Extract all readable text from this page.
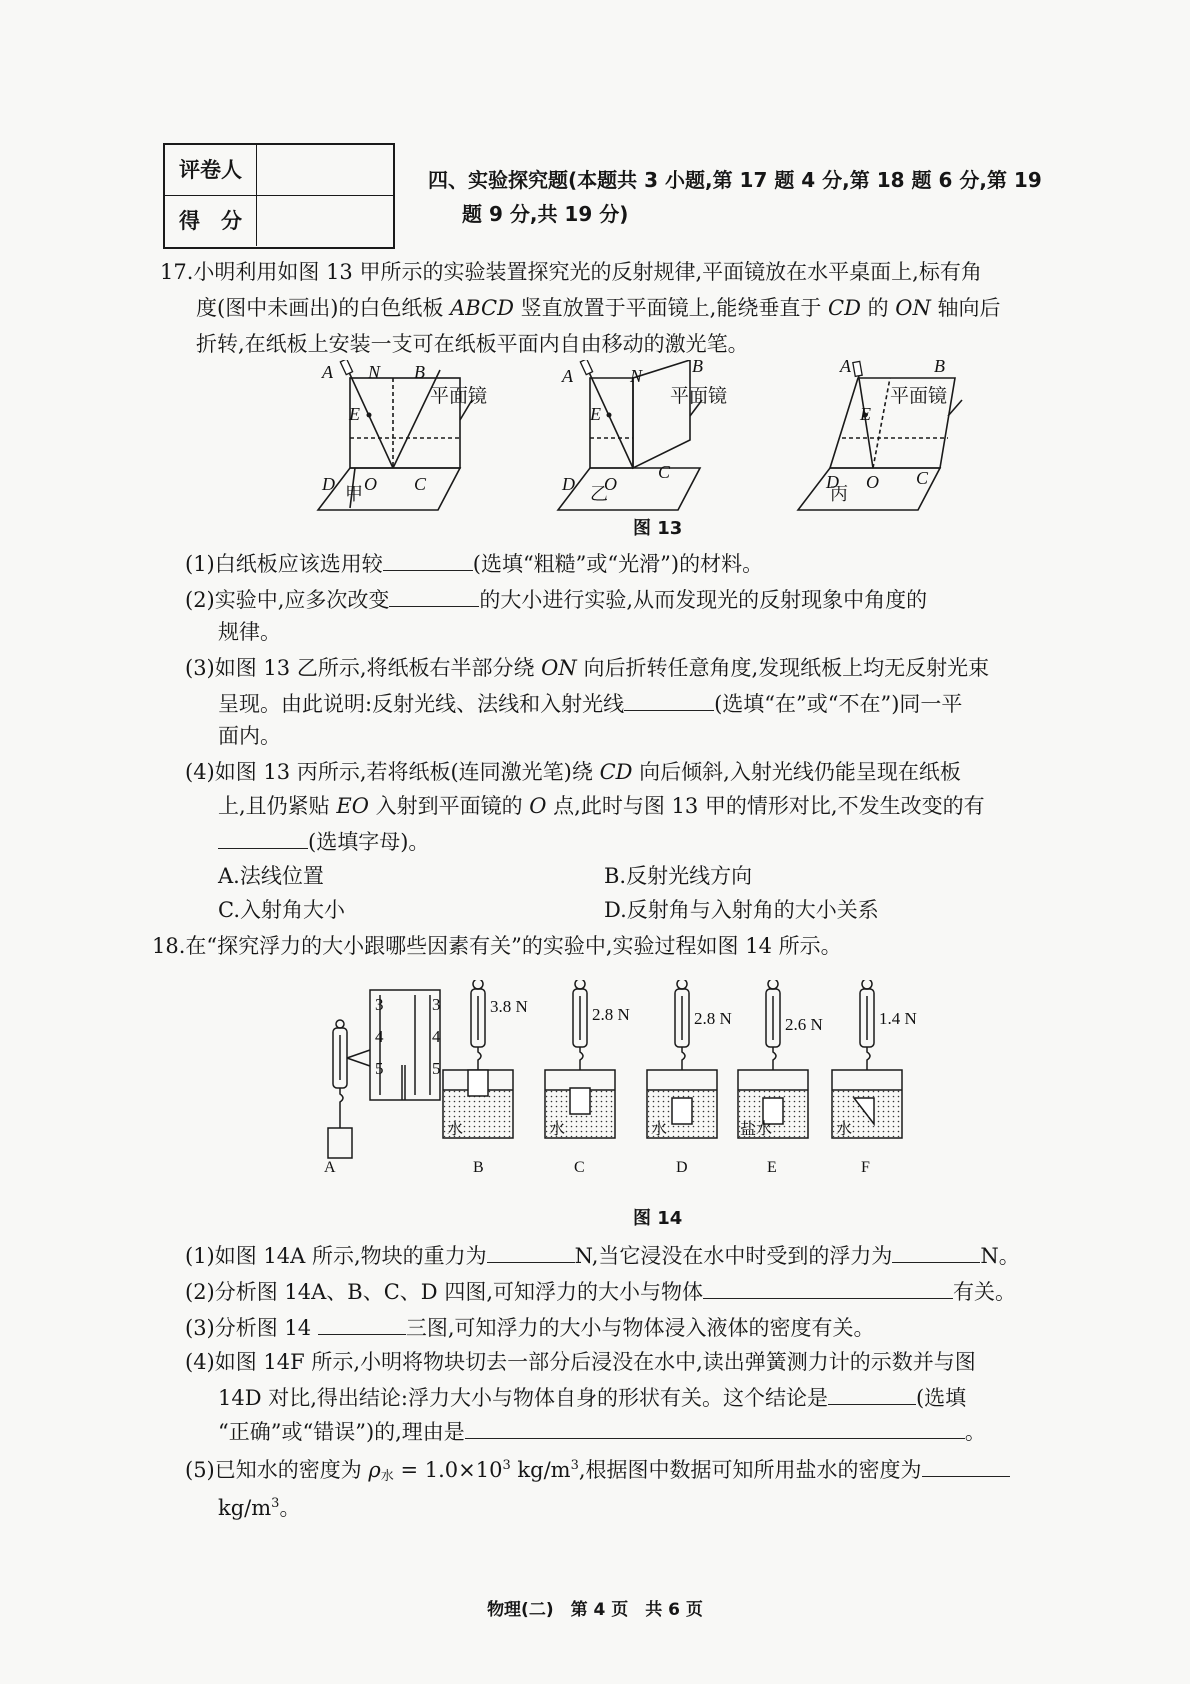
评卷人
得　分
四、实验探究题(本题共 3 小题,第 17 题 4 分,第 18 题 6 分,第 19
题 9 分,共 19 分)
17.小明利用如图 13 甲所示的实验装置探究光的反射规律,平面镜放在水平桌面上,标有角
度(图中未画出)的白色纸板 ABCD 竖直放置于平面镜上,能绕垂直于 CD 的 ON 轴向后
折转,在纸板上安装一支可在纸板平面内自由移动的激光笔。
A N B
E
D O C
A	N	B
E
D O
C
A	B
E
D O C
平面镜	平面镜	平面镜
甲	乙	丙
图 13
(1)白纸板应该选用较	(选填“粗糙”或“光滑”)的材料。
(2)实验中,应多次改变	的大小进行实验,从而发现光的反射现象中角度的
规律。
(3)如图 13 乙所示,将纸板右半部分绕 ON 向后折转任意角度,发现纸板上均无反射光束
呈现。由此说明:反射光线、法线和入射光线	(选填“在”或“不在”)同一平
面内。
(4)如图 13 丙所示,若将纸板(连同激光笔)绕 CD 向后倾斜,入射光线仍能呈现在纸板
上,且仍紧贴 EO 入射到平面镜的 O 点,此时与图 13 甲的情形对比,不发生改变的有
(选填字母)。
A.法线位置	B.反射光线方向
C.入射角大小	D.反射角与入射角的大小关系
18.在“探究浮力的大小跟哪些因素有关”的实验中,实验过程如图 14 所示。
3	3
4	4
5	5
3.8 N	2.8 N	2.8 N	2.6 N	1.4 N
水	水	水	盐水	水
A	B	C	D	E	F
图 14
(1)如图 14A 所示,物块的重力为	N,当它浸没在水中时受到的浮力为	N。
(2)分析图 14A、B、C、D 四图,可知浮力的大小与物体	有关。
(3)分析图 14	三图,可知浮力的大小与物体浸入液体的密度有关。
(4)如图 14F 所示,小明将物块切去一部分后浸没在水中,读出弹簧测力计的示数并与图
14D 对比,得出结论:浮力大小与物体自身的形状有关。这个结论是	(选填
“正确”或“错误”)的,理由是	。
(5)已知水的密度为 $\rho_水 = 1.0\times 10^3$ $kg/m^3$,根据图中数据可知所用盐水的密度为
$kg/m^3$。
物理(二)　第 4 页　共 6 页
